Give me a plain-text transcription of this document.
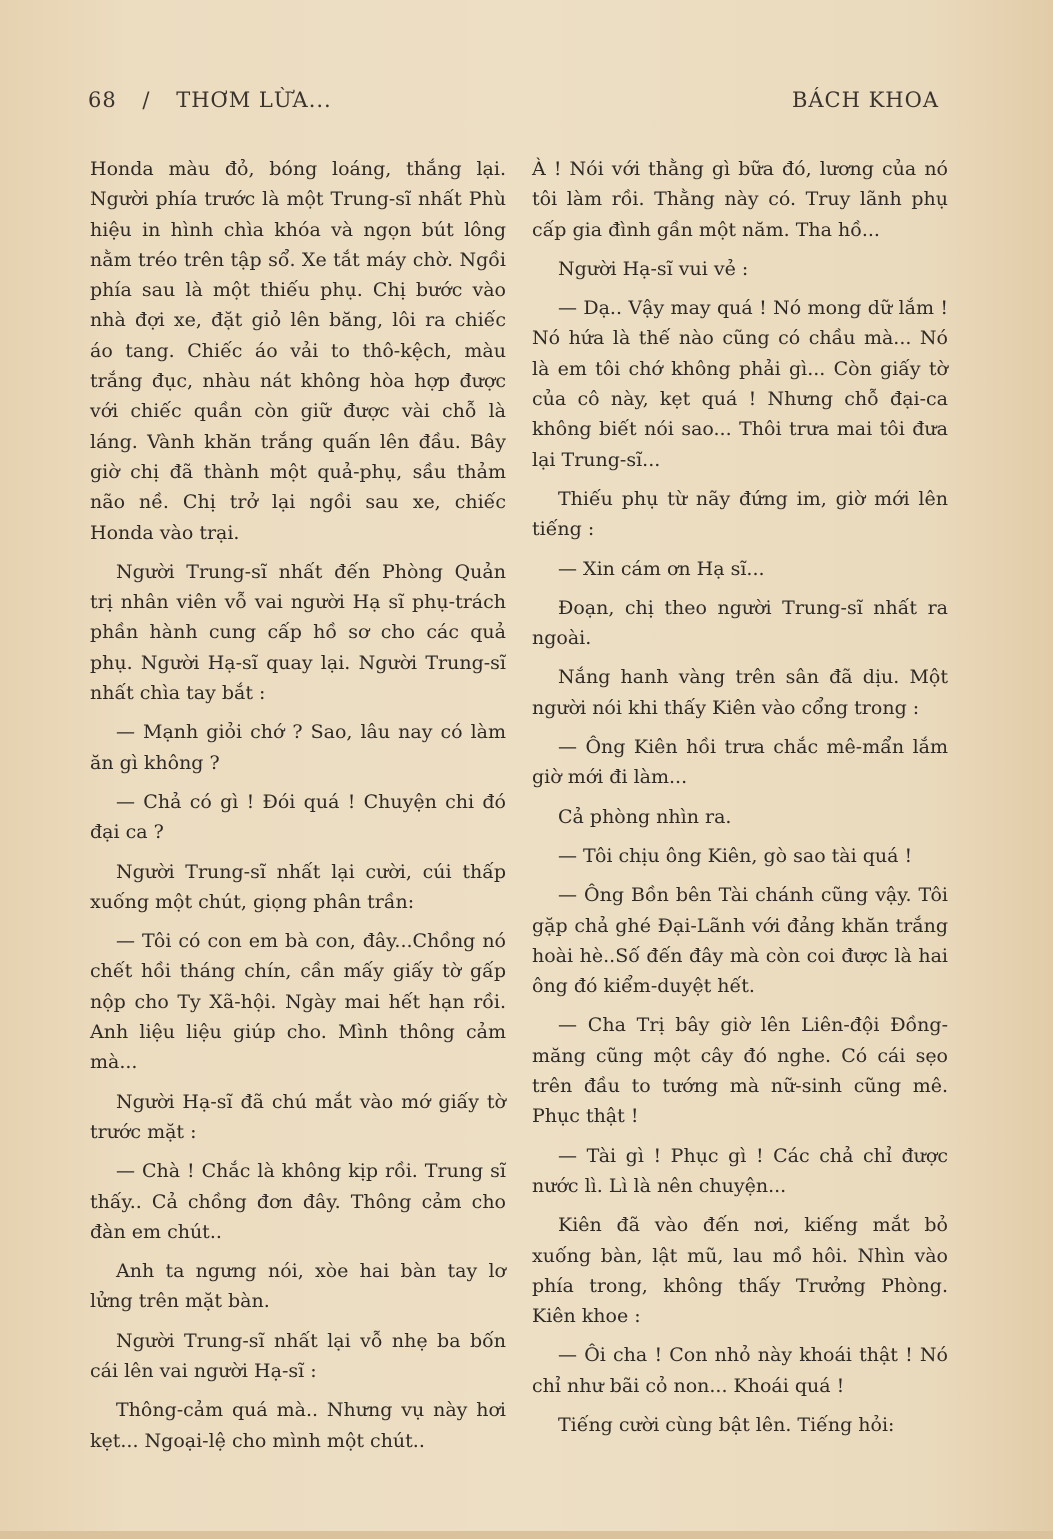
68 / THƠM LỪA...	BÁCH KHOA

Honda màu đỏ, bóng loáng, thắng lại. Người phía trước là một Trung-sĩ nhất Phù hiệu in hình chìa khóa và ngọn bút lông nằm tréo trên tập sổ. Xe tắt máy chờ. Ngồi phía sau là một thiếu phụ. Chị bước vào nhà đợi xe, đặt giỏ lên băng, lôi ra chiếc áo tang. Chiếc áo vải to thô-kệch, màu trắng đục, nhàu nát không hòa hợp được với chiếc quần còn giữ được vài chỗ là láng. Vành khăn trắng quấn lên đầu. Bây giờ chị đã thành một quả-phụ, sầu thảm não nề. Chị trở lại ngồi sau xe, chiếc Honda vào trại.

Người Trung-sĩ nhất đến Phòng Quản trị nhân viên vỗ vai người Hạ sĩ phụ-trách phần hành cung cấp hồ sơ cho các quả phụ. Người Hạ-sĩ quay lại. Người Trung-sĩ nhất chìa tay bắt :

— Mạnh giỏi chớ ? Sao, lâu nay có làm ăn gì không ?

— Chả có gì ! Đói quá ! Chuyện chi đó đại ca ?

Người Trung-sĩ nhất lại cười, cúi thấp xuống một chút, giọng phân trần:

— Tôi có con em bà con, đây...Chồng nó chết hồi tháng chín, cần mấy giấy tờ gấp nộp cho Ty Xã-hội. Ngày mai hết hạn rồi. Anh liệu liệu giúp cho. Mình thông cảm mà...

Người Hạ-sĩ đã chú mắt vào mớ giấy tờ trước mặt :

— Chà ! Chắc là không kịp rồi. Trung sĩ thấy.. Cả chồng đơn đây. Thông cảm cho đàn em chút..

Anh ta ngưng nói, xòe hai bàn tay lơ lửng trên mặt bàn.

Người Trung-sĩ nhất lại vỗ nhẹ ba bốn cái lên vai người Hạ-sĩ :

Thông-cảm quá mà.. Nhưng vụ này hơi kẹt... Ngoại-lệ cho mình một chút..

À ! Nói với thằng gì bữa đó, lương của nó tôi làm rồi. Thằng này có. Truy lãnh phụ cấp gia đình gần một năm. Tha hồ...

Người Hạ-sĩ vui vẻ :

— Dạ.. Vậy may quá ! Nó mong dữ lắm ! Nó hứa là thế nào cũng có chầu mà... Nó là em tôi chớ không phải gì... Còn giấy tờ của cô này, kẹt quá ! Nhưng chỗ đại-ca không biết nói sao... Thôi trưa mai tôi đưa lại Trung-sĩ...

Thiếu phụ từ nãy đứng im, giờ mới lên tiếng :

— Xin cám ơn Hạ sĩ...

Đoạn, chị theo người Trung-sĩ nhất ra ngoài.

Nắng hanh vàng trên sân đã dịu. Một người nói khi thấy Kiên vào cổng trong :

— Ông Kiên hồi trưa chắc mê-mẩn lắm giờ mới đi làm...

Cả phòng nhìn ra.

— Tôi chịu ông Kiên, gò sao tài quá !

— Ông Bồn bên Tài chánh cũng vậy. Tôi gặp chả ghé Đại-Lãnh với đảng khăn trắng hoài hè..Số đến đây mà còn coi được là hai ông đó kiểm-duyệt hết.

— Cha Trị bây giờ lên Liên-đội Đồng-măng cũng một cây đó nghe. Có cái sẹo trên đầu to tướng mà nữ-sinh cũng mê. Phục thật !

— Tài gì ! Phục gì ! Các chả chỉ được nước lì. Lì là nên chuyện...

Kiên đã vào đến nơi, kiếng mắt bỏ xuống bàn, lật mũ, lau mồ hôi. Nhìn vào phía trong, không thấy Trưởng Phòng. Kiên khoe :

— Ôi cha ! Con nhỏ này khoái thật ! Nó chỉ như bãi cỏ non... Khoái quá !

Tiếng cười cùng bật lên. Tiếng hỏi:
